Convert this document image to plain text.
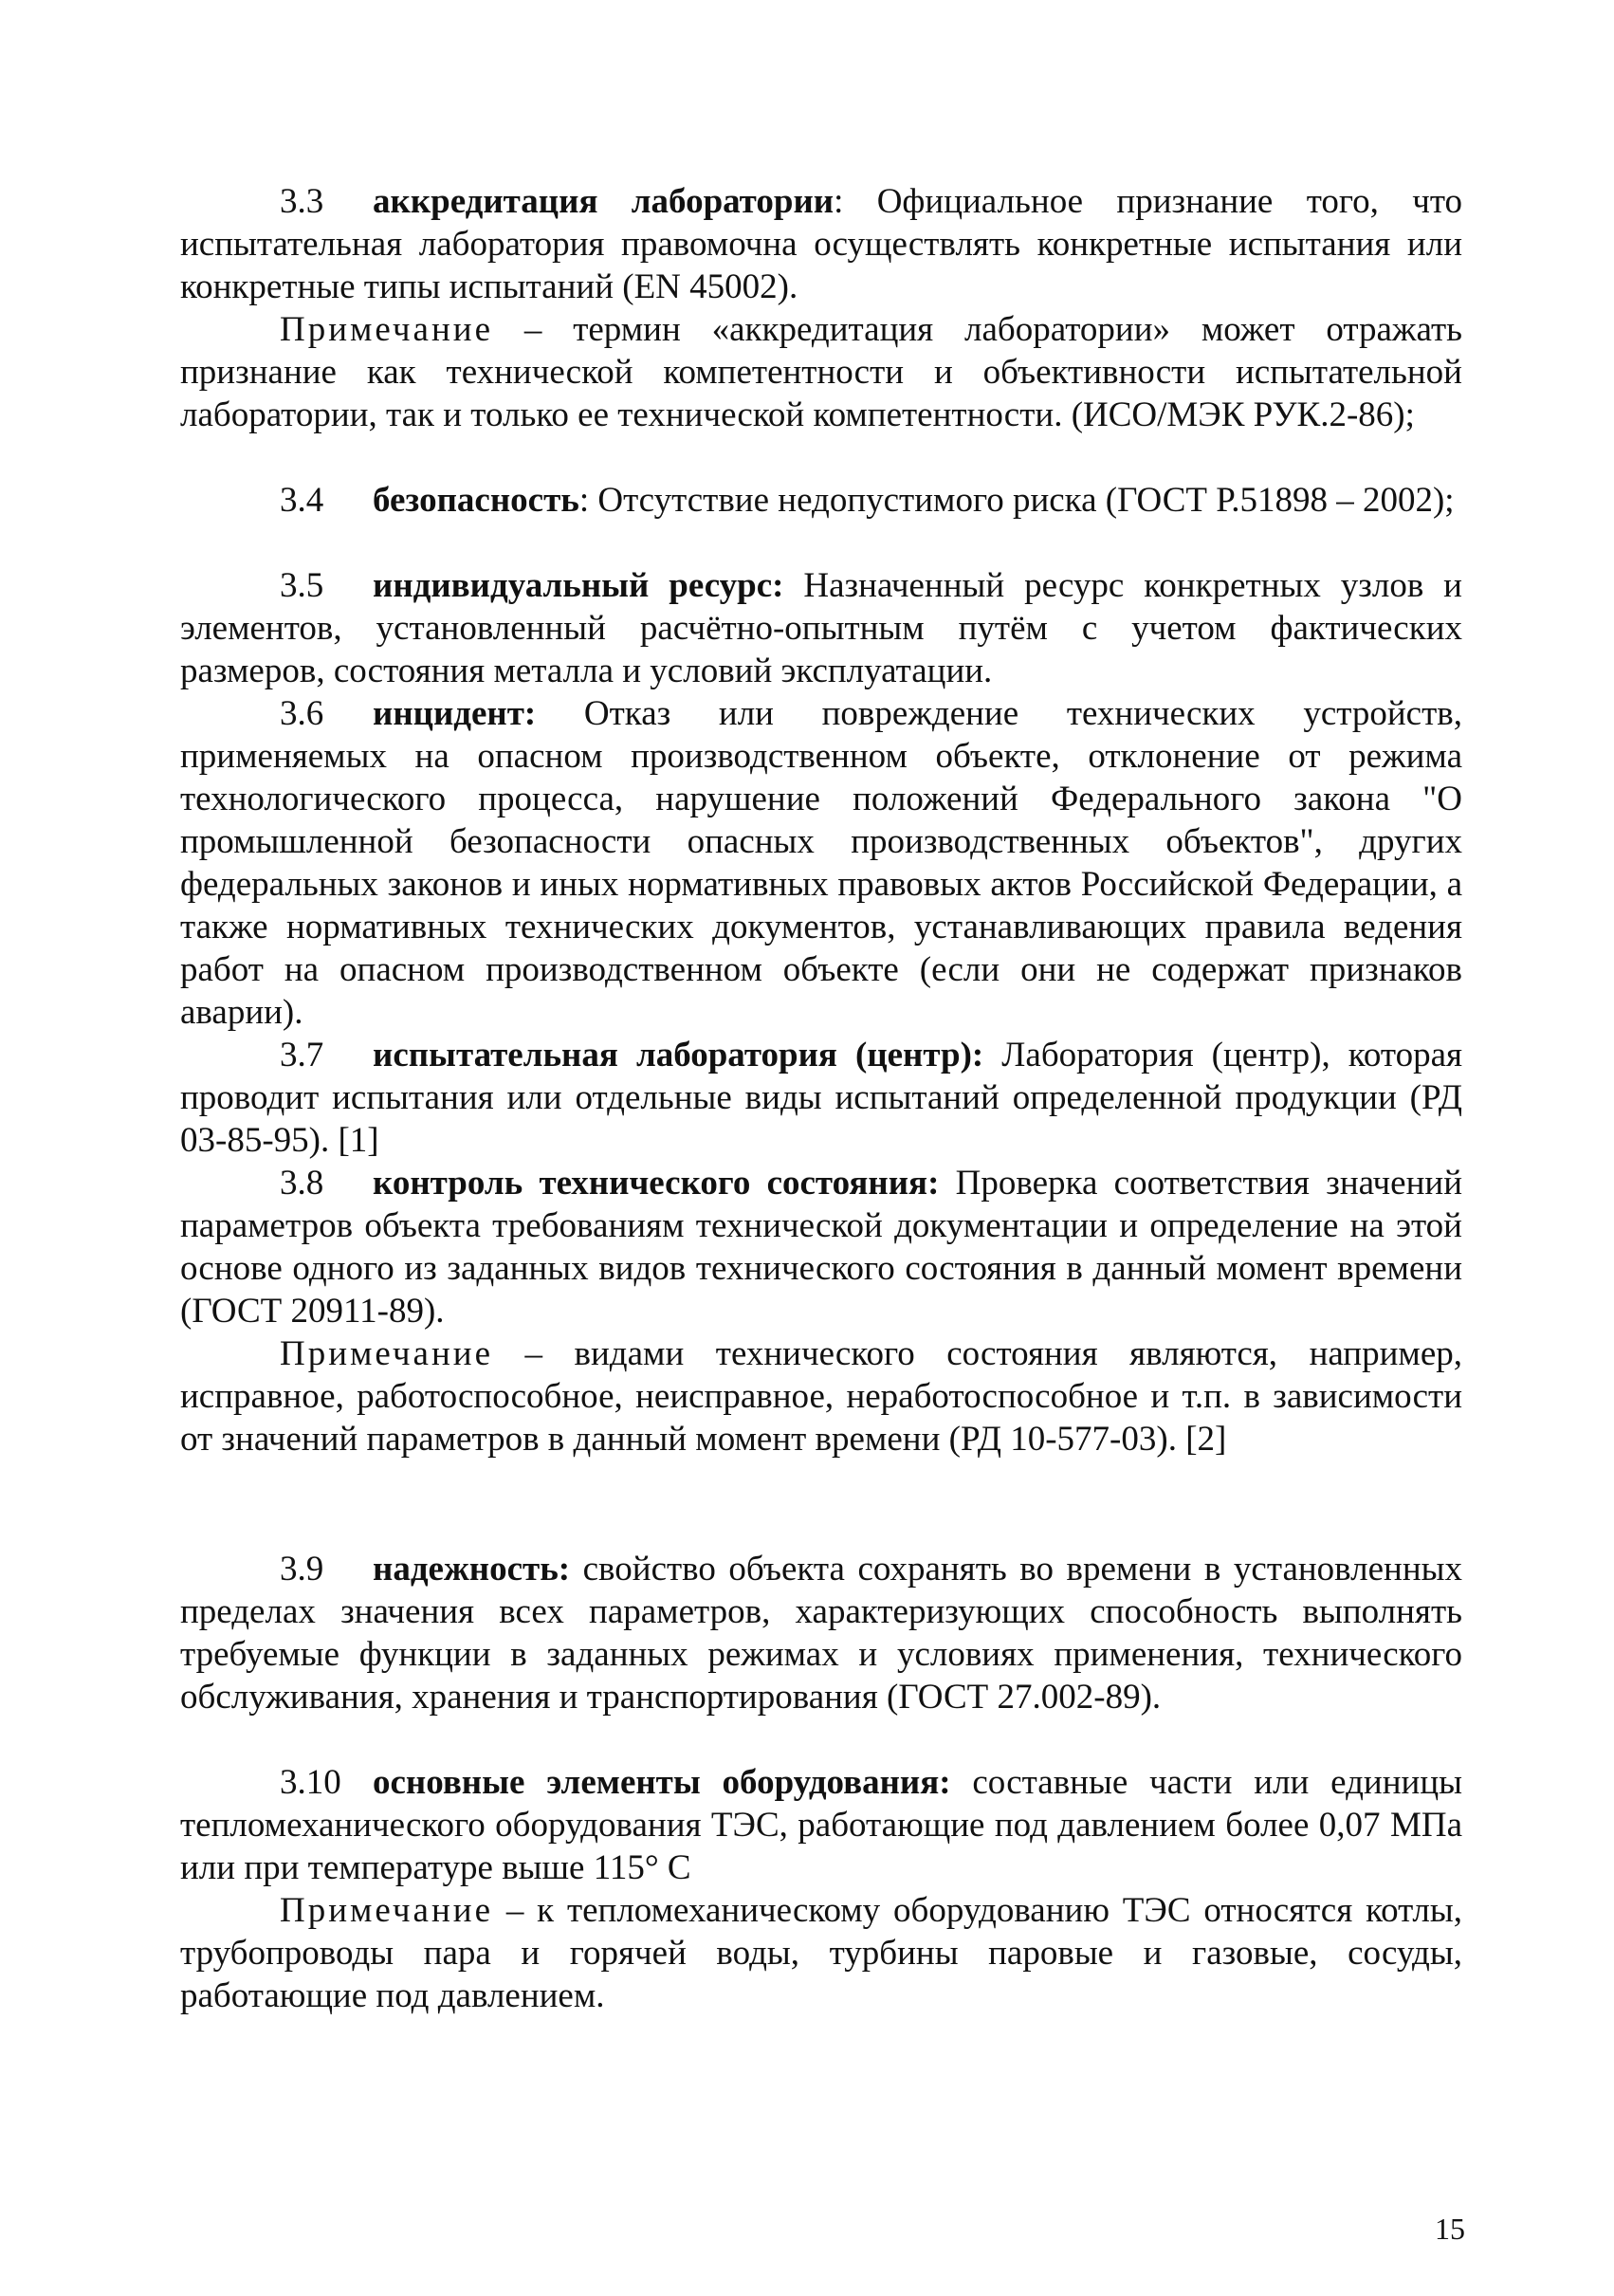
3.3 аккредитация лаборатории: Официальное признание того, что испытательная лаборатория правомочна осуществлять конкретные испытания или конкретные типы испытаний (EN 45002).

Примечание – термин «аккредитация лаборатории» может отражать признание как технической компетентности и объективности испытательной лаборатории, так и только ее технической компетентности. (ИСО/МЭК РУК.2-86);

3.4 безопасность: Отсутствие недопустимого риска (ГОСТ Р.51898 – 2002);

3.5 индивидуальный ресурс: Назначенный ресурс конкретных узлов и элементов, установленный расчётно-опытным путём с учетом фактических размеров, состояния металла и условий эксплуатации.

3.6 инцидент: Отказ или повреждение технических устройств, применяемых на опасном производственном объекте, отклонение от режима технологического процесса, нарушение положений Федерального закона "О промышленной безопасности опасных производственных объектов", других федеральных законов и иных нормативных правовых актов Российской Федерации, а также нормативных технических документов, устанавливающих правила ведения работ на опасном производственном объекте (если они не содержат признаков аварии).

3.7 испытательная лаборатория (центр): Лаборатория (центр), которая проводит испытания или отдельные виды испытаний определенной продукции (РД 03-85-95). [1]

3.8 контроль технического состояния: Проверка соответствия значений параметров объекта требованиям технической документации и определение на этой основе одного из заданных видов технического состояния в данный момент времени (ГОСТ 20911-89).

Примечание – видами технического состояния являются, например, исправное, работоспособное, неисправное, неработоспособное и т.п. в зависимости от значений параметров в данный момент времени (РД 10-577-03). [2]

3.9 надежность: свойство объекта сохранять во времени в установленных пределах значения всех параметров, характеризующих способность выполнять требуемые функции в заданных режимах и условиях применения, технического обслуживания, хранения и транспортирования (ГОСТ 27.002-89).

3.10 основные элементы оборудования: составные части или единицы тепломеханического оборудования ТЭС, работающие под давлением более 0,07 МПа или при температуре выше 115° С

Примечание – к тепломеханическому оборудованию ТЭС относятся котлы, трубопроводы пара и горячей воды, турбины паровые и газовые, сосуды, работающие под давлением.

15
